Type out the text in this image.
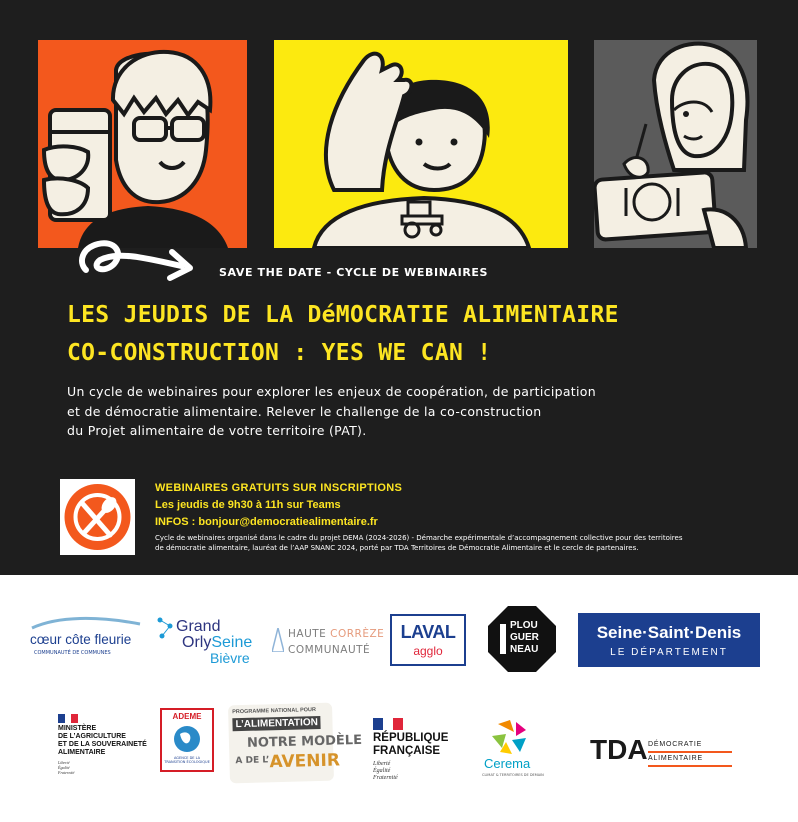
SAVE THE DATE - CYCLE DE WEBINAIRES
LES JEUDIS DE LA DéMOCRATIE ALIMENTAIRE
CO-CONSTRUCTION : YES WE CAN !
Un cycle de webinaires pour explorer les enjeux de coopération, de participation
et de démocratie alimentaire. Relever le challenge de la co-construction
du Projet alimentaire de votre territoire (PAT).
WEBINAIRES GRATUITS SUR INSCRIPTIONS
Les jeudis de 9h30 à 11h sur Teams
INFOS : bonjour@democratiealimentaire.fr
Cycle de webinaires organisé dans le cadre du projet DEMA (2024-2026) - Démarche expérimentale d’accompagnement collective pour des territoires
de démocratie alimentaire, lauréat de l’AAP SNANC 2024, porté par TDA Territoires de Démocratie Alimentaire et le cercle de partenaires.
cœur côte fleurie
COMMUNAUTÉ DE COMMUNES
Grand
OrlySeine
Bièvre
HAUTE CORRÈZE
COMMUNAUTÉ
LAVAL
agglo
PLOU
GUER
NEAU
Seine·Saint·Denis
LE DÉPARTEMENT
MINISTÈRE
DE L’AGRICULTURE
ET DE LA SOUVERAINETÉ
ALIMENTAIRE
Liberté
Égalité
Fraternité
ADEME
AGENCE DE LA TRANSITION ÉCOLOGIQUE
PROGRAMME NATIONAL POUR
L’ALIMENTATION
NOTRE MODÈLE
A DE L’ AVENIR
RÉPUBLIQUE
FRANÇAISE
Liberté
Égalité
Fraternité
Cerema
CLIMAT & TERRITOIRES DE DEMAIN
TDA DÉMOCRATIE
ALIMENTAIRE
